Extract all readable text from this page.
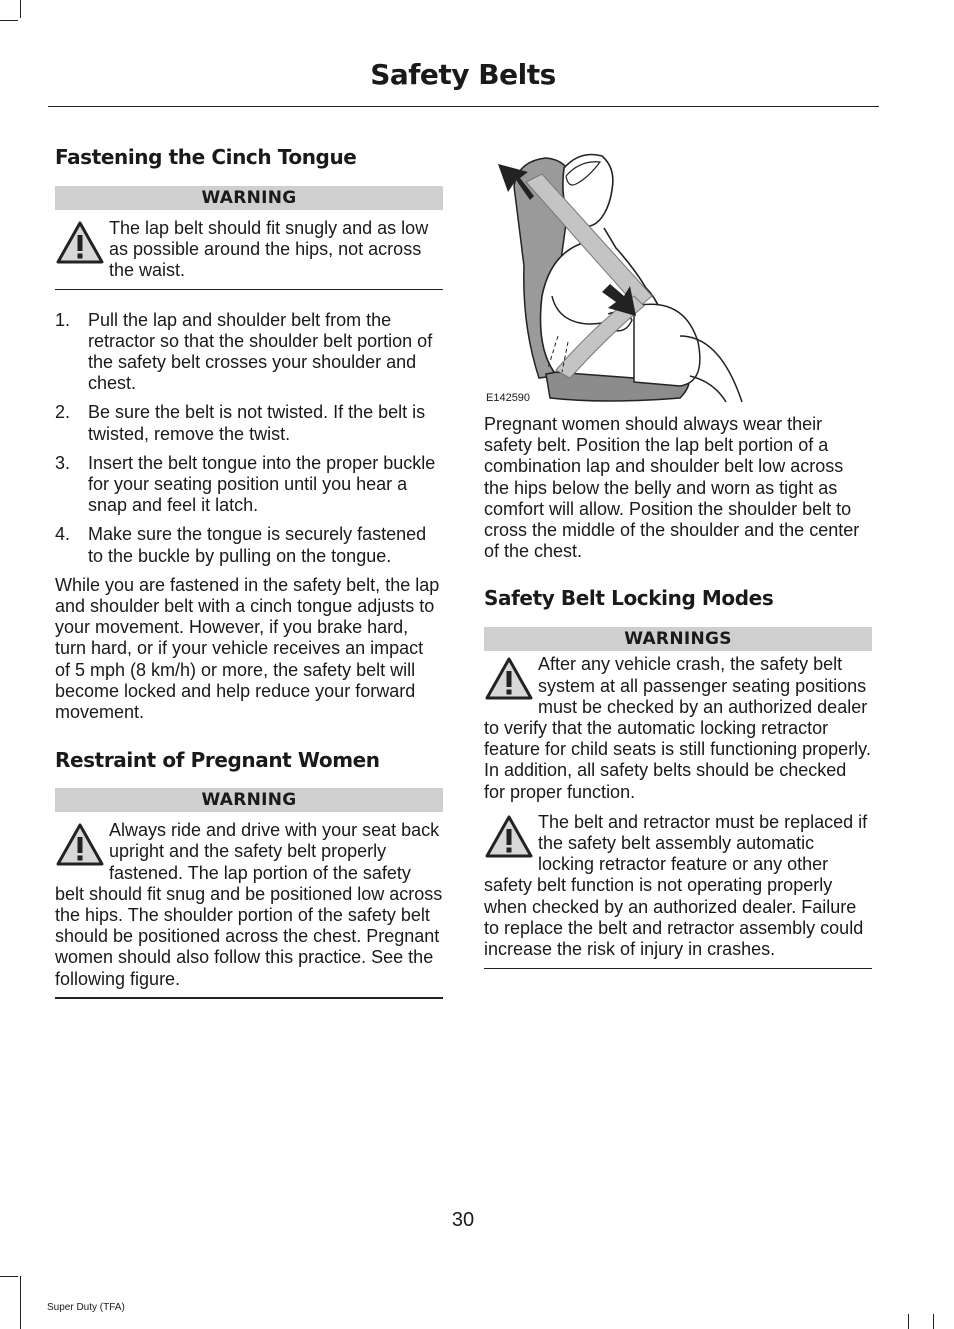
Safety Belts
Fastening the Cinch Tongue
WARNING
The lap belt should fit snugly and as low as possible around the hips, not across the waist.
1. Pull the lap and shoulder belt from the retractor so that the shoulder belt portion of the safety belt crosses your shoulder and chest.
2. Be sure the belt is not twisted. If the belt is twisted, remove the twist.
3. Insert the belt tongue into the proper buckle for your seating position until you hear a snap and feel it latch.
4. Make sure the tongue is securely fastened to the buckle by pulling on the tongue.

While you are fastened in the safety belt, the lap and shoulder belt with a cinch tongue adjusts to your movement. However, if you brake hard, turn hard, or if your vehicle receives an impact of 5 mph (8 km/h) or more, the safety belt will become locked and help reduce your forward movement.

Restraint of Pregnant Women
WARNING
Always ride and drive with your seat back upright and the safety belt properly fastened. The lap portion of the safety belt should fit snug and be positioned low across the hips. The shoulder portion of the safety belt should be positioned across the chest. Pregnant women should also follow this practice. See the following figure.
E142590

Pregnant women should always wear their safety belt. Position the lap belt portion of a combination lap and shoulder belt low across the hips below the belly and worn as tight as comfort will allow. Position the shoulder belt to cross the middle of the shoulder and the center of the chest.

Safety Belt Locking Modes
WARNINGS
After any vehicle crash, the safety belt system at all passenger seating positions must be checked by an authorized dealer to verify that the automatic locking retractor feature for child seats is still functioning properly. In addition, all safety belts should be checked for proper function.
The belt and retractor must be replaced if the safety belt assembly automatic locking retractor feature or any other safety belt function is not operating properly when checked by an authorized dealer. Failure to replace the belt and retractor assembly could increase the risk of injury in crashes.
30
Super Duty (TFA)
